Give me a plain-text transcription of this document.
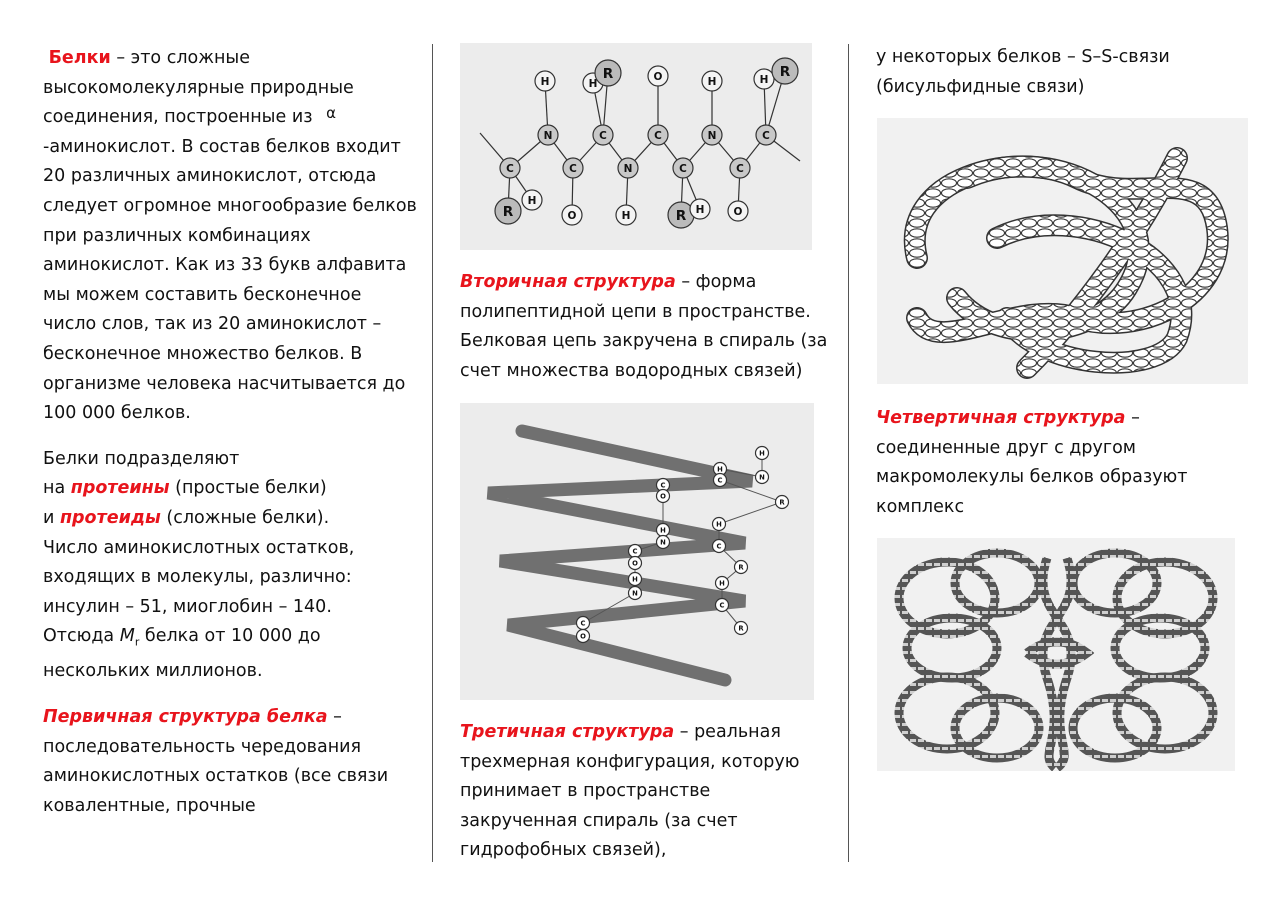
Белки – это сложные высокомолекулярные природные соединения, построенные из α-аминокислот. В состав белков входит 20 различных аминокислот, отсюда следует огромное многообразие белков при различных комбинациях аминокислот. Как из 33 букв алфавита мы можем составить бесконечное число слов, так из 20 аминокислот – бесконечное множество белков. В организме человека насчитывается до 100 000 белков.

Белки подразделяют
на протеины (простые белки)
и протеиды (сложные белки).
Число аминокислотных остатков, входящих в молекулы, различно: инсулин – 51, миоглобин – 140.
Отсюда $M_r$ белка от 10 000 до нескольких миллионов.

Первичная структура белка – последовательность чередования аминокислотных остатков (все связи ковалентные, прочные

N	C	C	N	C
C	C	N	C	C
H	H
R	O	H	H R
R
H
O	H	R H	O

Вторичная структура – форма полипептидной цепи в пространстве. Белковая цепь закручена в спираль (за счет множества водородных связей)

C
O
H
N
C
O
H
N
C
O
H
N
H
C
R
H
C
R
H
C
R

Третичная структура – реальная трехмерная конфигурация, которую принимает в пространстве закрученная спираль (за счет гидрофобных связей),

у некоторых белков – S–S-связи (бисульфидные связи)

Четвертичная структура – соединенные друг с другом макромолекулы белков образуют комплекс
